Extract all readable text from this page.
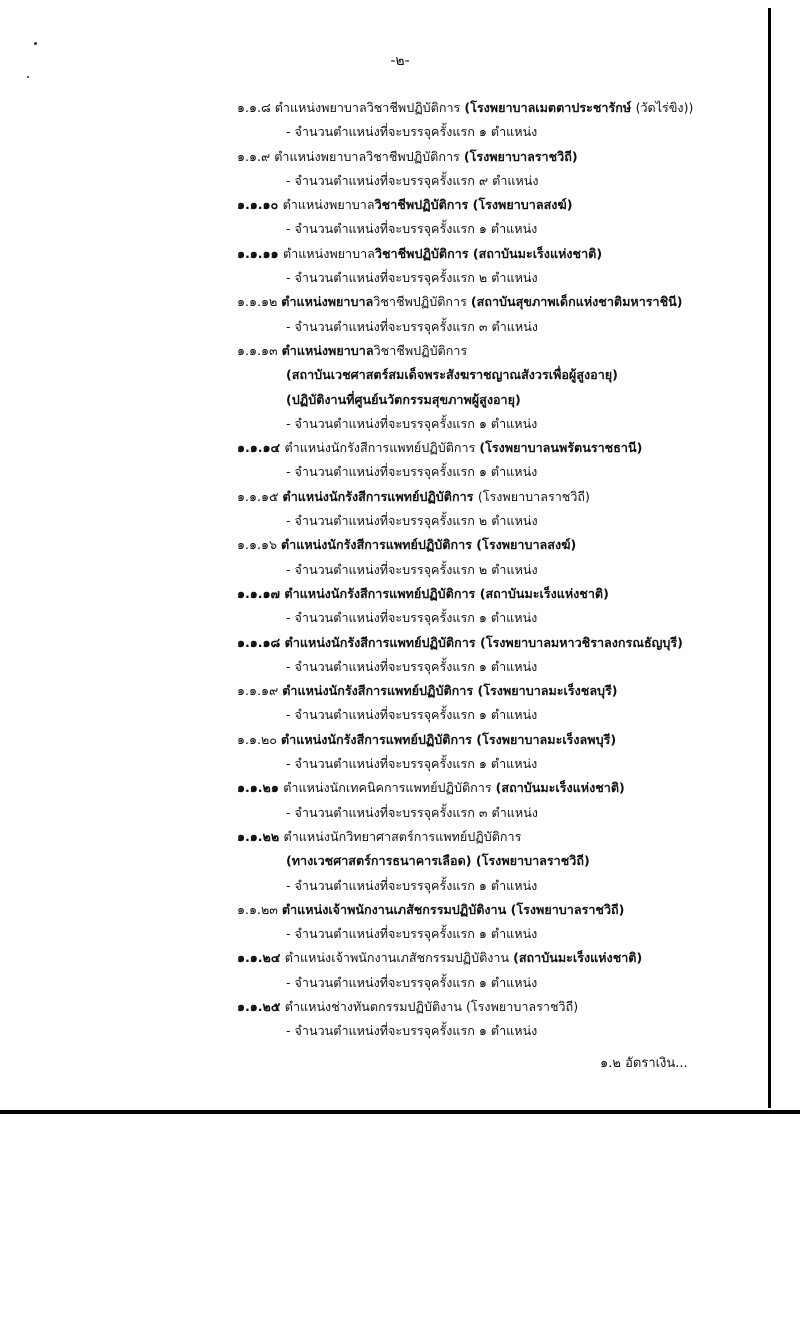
-๒-
๑.๑.๘ ตำแหน่งพยาบาลวิชาชีพปฏิบัติการ (โรงพยาบาลเมตตาประชารักษ์ (วัดไร่ขิง))
- จำนวนตำแหน่งที่จะบรรจุครั้งแรก ๑ ตำแหน่ง
๑.๑.๙ ตำแหน่งพยาบาลวิชาชีพปฏิบัติการ (โรงพยาบาลราชวิถี)
- จำนวนตำแหน่งที่จะบรรจุครั้งแรก ๙ ตำแหน่ง
๑.๑.๑๐ ตำแหน่งพยาบาลวิชาชีพปฏิบัติการ (โรงพยาบาลสงฆ์)
- จำนวนตำแหน่งที่จะบรรจุครั้งแรก ๑ ตำแหน่ง
๑.๑.๑๑ ตำแหน่งพยาบาลวิชาชีพปฏิบัติการ (สถาบันมะเร็งแห่งชาติ)
- จำนวนตำแหน่งที่จะบรรจุครั้งแรก ๒ ตำแหน่ง
๑.๑.๑๒ ตำแหน่งพยาบาลวิชาชีพปฏิบัติการ (สถาบันสุขภาพเด็กแห่งชาติมหาราชินี)
- จำนวนตำแหน่งที่จะบรรจุครั้งแรก ๓ ตำแหน่ง
๑.๑.๑๓ ตำแหน่งพยาบาลวิชาชีพปฏิบัติการ
(สถาบันเวชศาสตร์สมเด็จพระสังฆราชญาณสังวรเพื่อผู้สูงอายุ)
(ปฏิบัติงานที่ศูนย์นวัตกรรมสุขภาพผู้สูงอายุ)
- จำนวนตำแหน่งที่จะบรรจุครั้งแรก ๑ ตำแหน่ง
๑.๑.๑๔ ตำแหน่งนักรังสีการแพทย์ปฏิบัติการ (โรงพยาบาลนพรัตนราชธานี)
- จำนวนตำแหน่งที่จะบรรจุครั้งแรก ๑ ตำแหน่ง
๑.๑.๑๕ ตำแหน่งนักรังสีการแพทย์ปฏิบัติการ (โรงพยาบาลราชวิถี)
- จำนวนตำแหน่งที่จะบรรจุครั้งแรก ๒ ตำแหน่ง
๑.๑.๑๖ ตำแหน่งนักรังสีการแพทย์ปฏิบัติการ (โรงพยาบาลสงฆ์)
- จำนวนตำแหน่งที่จะบรรจุครั้งแรก ๒ ตำแหน่ง
๑.๑.๑๗ ตำแหน่งนักรังสีการแพทย์ปฏิบัติการ (สถาบันมะเร็งแห่งชาติ)
- จำนวนตำแหน่งที่จะบรรจุครั้งแรก ๑ ตำแหน่ง
๑.๑.๑๘ ตำแหน่งนักรังสีการแพทย์ปฏิบัติการ (โรงพยาบาลมหาวชิราลงกรณธัญบุรี)
- จำนวนตำแหน่งที่จะบรรจุครั้งแรก ๑ ตำแหน่ง
๑.๑.๑๙ ตำแหน่งนักรังสีการแพทย์ปฏิบัติการ (โรงพยาบาลมะเร็งชลบุรี)
- จำนวนตำแหน่งที่จะบรรจุครั้งแรก ๑ ตำแหน่ง
๑.๑.๒๐ ตำแหน่งนักรังสีการแพทย์ปฏิบัติการ (โรงพยาบาลมะเร็งลพบุรี)
- จำนวนตำแหน่งที่จะบรรจุครั้งแรก ๑ ตำแหน่ง
๑.๑.๒๑ ตำแหน่งนักเทคนิคการแพทย์ปฏิบัติการ (สถาบันมะเร็งแห่งชาติ)
- จำนวนตำแหน่งที่จะบรรจุครั้งแรก ๓ ตำแหน่ง
๑.๑.๒๒ ตำแหน่งนักวิทยาศาสตร์การแพทย์ปฏิบัติการ
(ทางเวชศาสตร์การธนาคารเลือด) (โรงพยาบาลราชวิถี)
- จำนวนตำแหน่งที่จะบรรจุครั้งแรก ๑ ตำแหน่ง
๑.๑.๒๓ ตำแหน่งเจ้าพนักงานเภสัชกรรมปฏิบัติงาน (โรงพยาบาลราชวิถี)
- จำนวนตำแหน่งที่จะบรรจุครั้งแรก ๑ ตำแหน่ง
๑.๑.๒๔ ตำแหน่งเจ้าพนักงานเภสัชกรรมปฏิบัติงาน (สถาบันมะเร็งแห่งชาติ)
- จำนวนตำแหน่งที่จะบรรจุครั้งแรก ๑ ตำแหน่ง
๑.๑.๒๕ ตำแหน่งช่างทันตกรรมปฏิบัติงาน (โรงพยาบาลราชวิถี)
- จำนวนตำแหน่งที่จะบรรจุครั้งแรก ๑ ตำแหน่ง
๑.๒ อัตราเงิน...
